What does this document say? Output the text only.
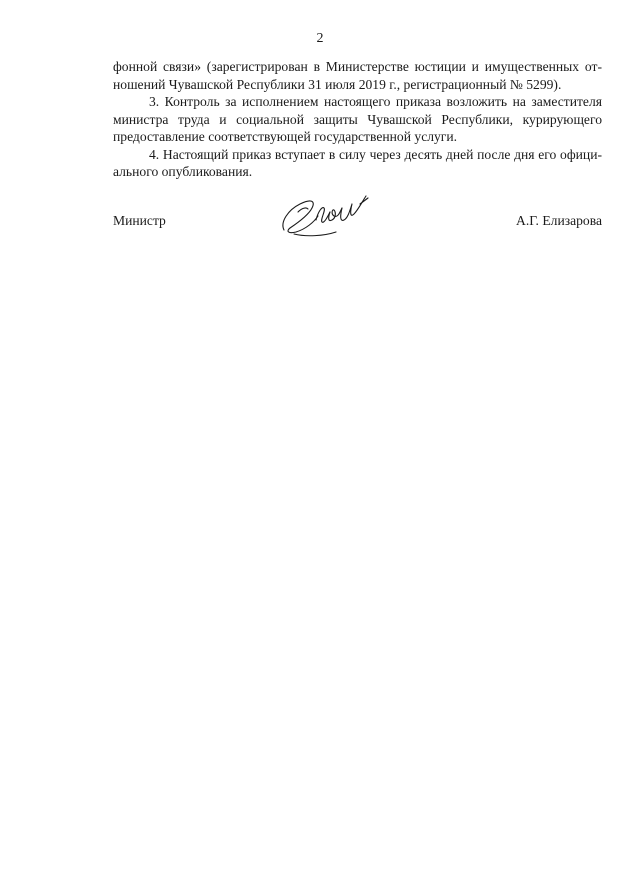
2
фонной связи» (зарегистрирован в Министерстве юстиции и имущественных от-
ношений Чувашской Республики 31 июля 2019 г., регистрационный № 5299).
3. Контроль за исполнением настоящего приказа возложить на заместителя
министра труда и социальной защиты Чувашской Республики, курирующего
предоставление соответствующей государственной услуги.
4. Настоящий приказ вступает в силу через десять дней после дня его офици-
ального опубликования.
Министр	А.Г. Елизарова
